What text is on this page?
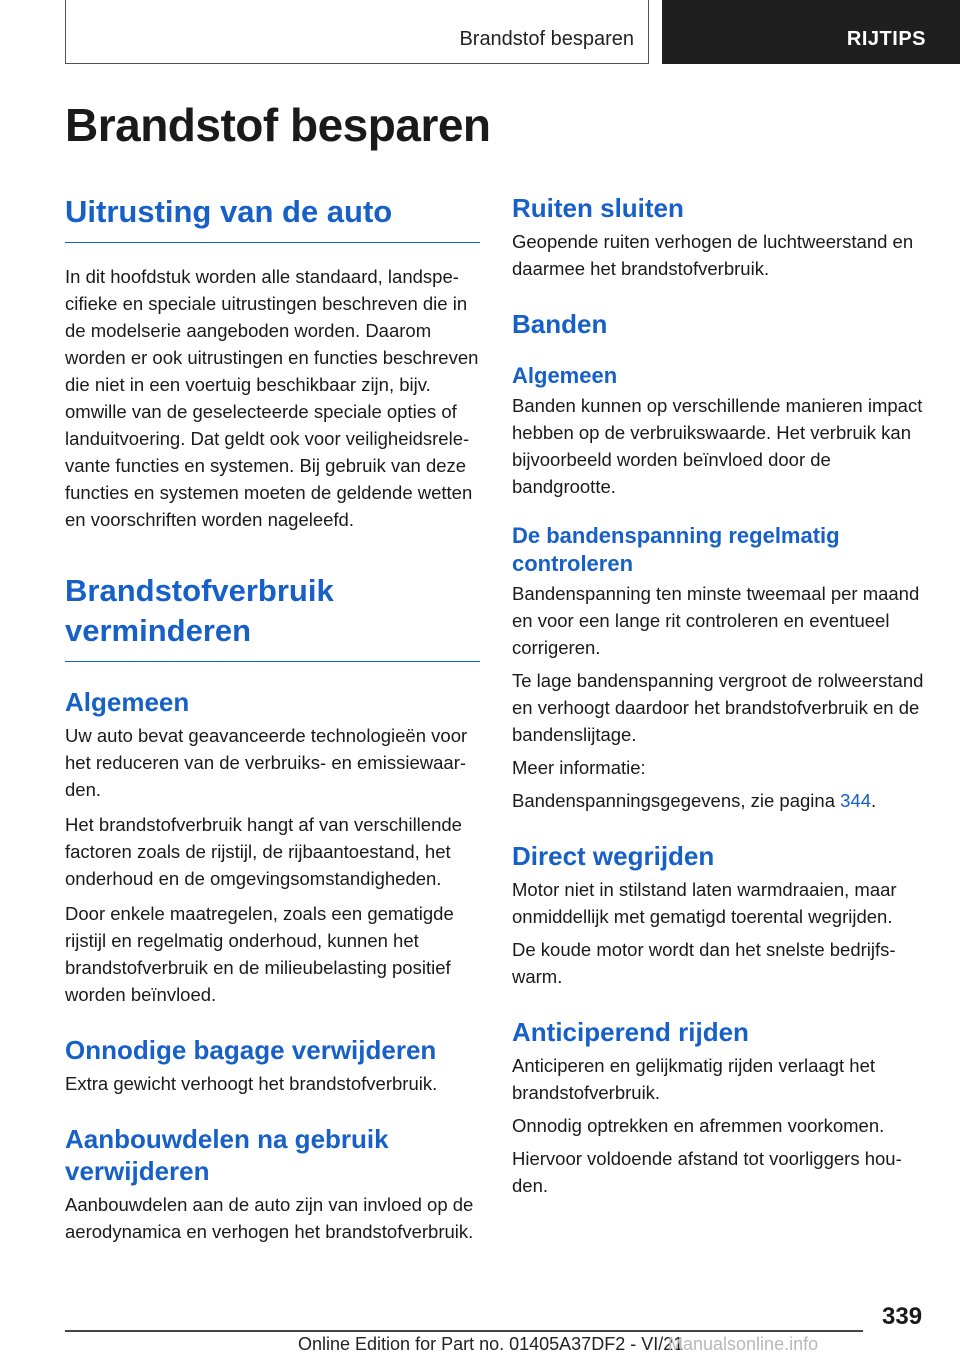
Brandstof besparen	RIJTIPS
Brandstof besparen
Uitrusting van de auto

In dit hoofdstuk worden alle standaard, landspecifieke en speciale uitrustingen beschreven die in de modelserie aangeboden worden. Daarom worden er ook uitrustingen en functies beschreven die niet in een voertuig beschikbaar zijn, bijv. omwille van de geselecteerde speciale opties of landuitvoering. Dat geldt ook voor veiligheidsrelevante functies en systemen. Bij gebruik van deze functies en systemen moeten de geldende wetten en voorschriften worden nageleefd.

Brandstofverbruik verminderen
Algemeen

Uw auto bevat geavanceerde technologieën voor het reduceren van de verbruiks- en emissiewaarden.

Het brandstofverbruik hangt af van verschillende factoren zoals de rijstijl, de rijbaantoestand, het onderhoud en de omgevingsomstandigheden.

Door enkele maatregelen, zoals een gematigde rijstijl en regelmatig onderhoud, kunnen het brandstofverbruik en de milieubelasting positief worden beïnvloed.

Onnodige bagage verwijderen

Extra gewicht verhoogt het brandstofverbruik.

Aanbouwdelen na gebruik verwijderen

Aanbouwdelen aan de auto zijn van invloed op de aerodynamica en verhogen het brandstofverbruik.

Ruiten sluiten

Geopende ruiten verhogen de luchtweerstand en daarmee het brandstofverbruik.

Banden
Algemeen

Banden kunnen op verschillende manieren impact hebben op de verbruikswaarde. Het verbruik kan bijvoorbeeld worden beïnvloed door de bandgrootte.

De bandenspanning regelmatig controleren

Bandenspanning ten minste tweemaal per maand en voor een lange rit controleren en eventueel corrigeren.

Te lage bandenspanning vergroot de rolweerstand en verhoogt daardoor het brandstofverbruik en de bandenslijtage.

Meer informatie:

Bandenspanningsgegevens, zie pagina 344.

Direct wegrijden

Motor niet in stilstand laten warmdraaien, maar onmiddellijk met gematigd toerental wegrijden.

De koude motor wordt dan het snelste bedrijfswarm.

Anticiperend rijden

Anticiperen en gelijkmatig rijden verlaagt het brandstofverbruik.

Onnodig optrekken en afremmen voorkomen.

Hiervoor voldoende afstand tot voorliggers houden.

339
Online Edition for Part no. 01405A37DF2 - VI/21
Manualsonline.info
